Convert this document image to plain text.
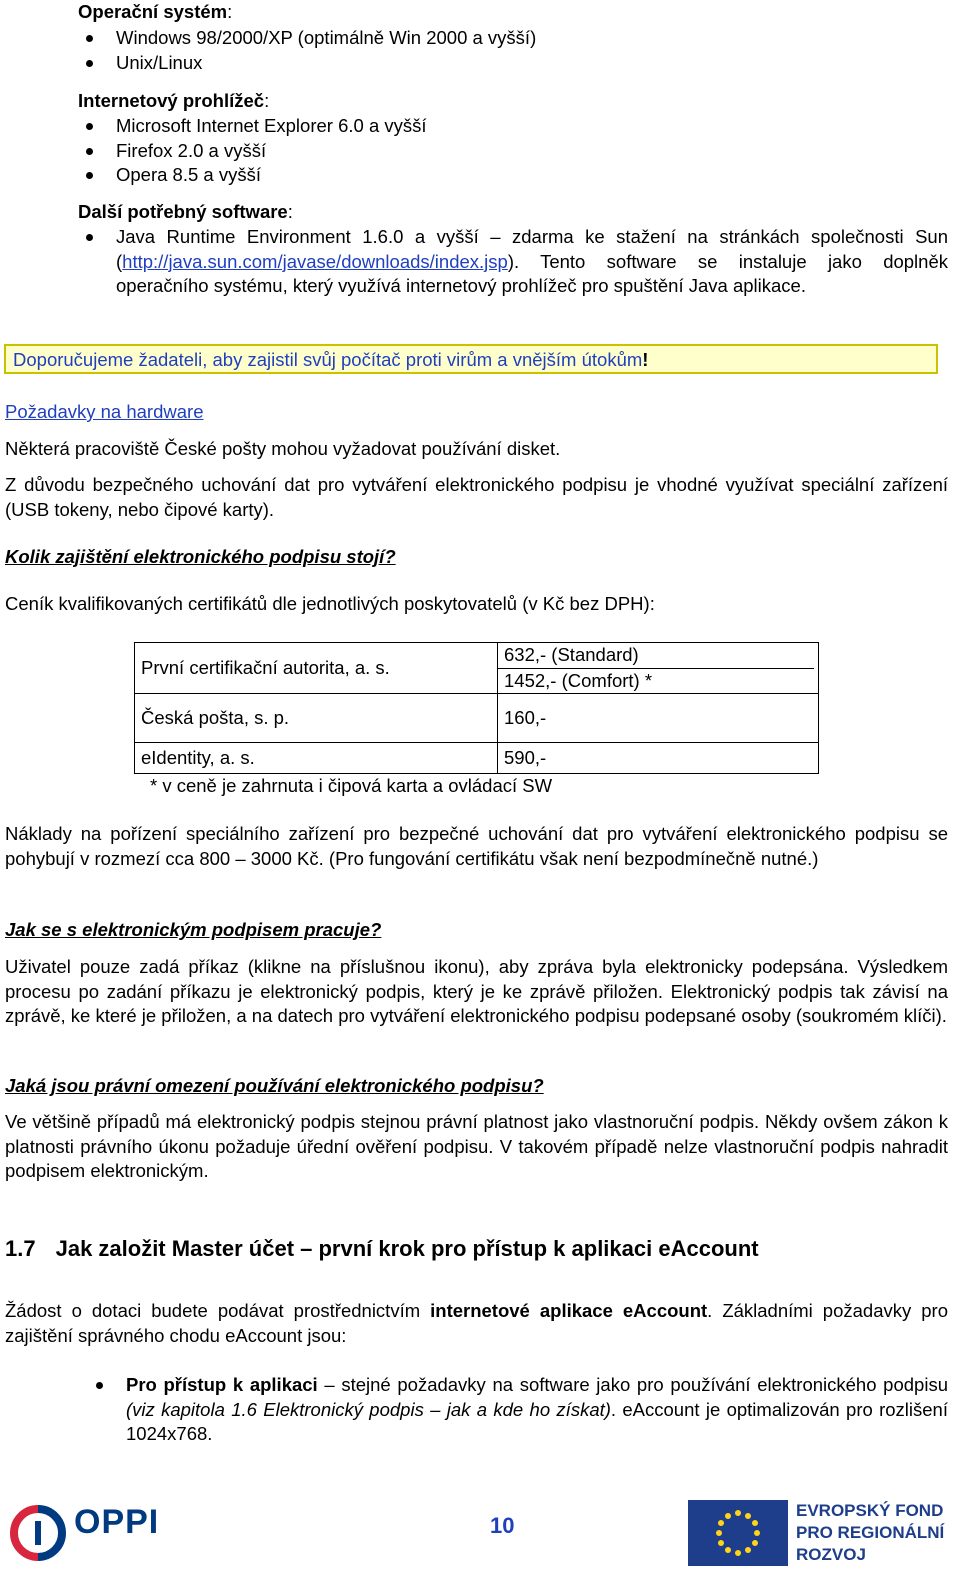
Operační systém:
Windows 98/2000/XP (optimálně Win 2000 a vyšší)
Unix/Linux
Internetový prohlížeč:
Microsoft Internet Explorer 6.0 a vyšší
Firefox 2.0 a vyšší
Opera 8.5 a vyšší
Další potřebný software:
Java Runtime Environment 1.6.0 a vyšší – zdarma ke stažení na stránkách společnosti Sun (http://java.sun.com/javase/downloads/index.jsp). Tento software se instaluje jako doplněk operačního systému, který využívá internetový prohlížeč pro spuštění Java aplikace.
Doporučujeme žadateli, aby zajistil svůj počítač proti virům a vnějším útokům!
Požadavky na hardware
Některá pracoviště České pošty mohou vyžadovat používání disket.
Z důvodu bezpečného uchování dat pro vytváření elektronického podpisu je vhodné využívat speciální zařízení (USB tokeny, nebo čipové karty).
Kolik zajištění elektronického podpisu stojí?
Ceník kvalifikovaných certifikátů dle jednotlivých poskytovatelů (v Kč bez DPH):
První certifikační autorita, a. s.	632,- (Standard)
1452,- (Comfort) *

Česká pošta, s. p.	160,-
eIdentity, a. s.	590,-
* v ceně je zahrnuta i čipová karta a ovládací SW
Náklady na pořízení speciálního zařízení pro bezpečné uchování dat pro vytváření elektronického podpisu se pohybují v rozmezí cca 800 – 3000 Kč. (Pro fungování certifikátu však není bezpodmínečně nutné.)
Jak se s elektronickým podpisem pracuje?
Uživatel pouze zadá příkaz (klikne na příslušnou ikonu), aby zpráva byla elektronicky podepsána. Výsledkem procesu po zadání příkazu je elektronický podpis, který je ke zprávě přiložen. Elektronický podpis tak závisí na zprávě, ke které je přiložen, a na datech pro vytváření elektronického podpisu podepsané osoby (soukromém klíči).
Jaká jsou právní omezení používání elektronického podpisu?
Ve většině případů má elektronický podpis stejnou právní platnost jako vlastnoruční podpis. Někdy ovšem zákon k platnosti právního úkonu požaduje úřední ověření podpisu. V takovém případě nelze vlastnoruční podpis nahradit podpisem elektronickým.
1.7 Jak založit Master účet – první krok pro přístup k aplikaci eAccount
Žádost o dotaci budete podávat prostřednictvím internetové aplikace eAccount. Základními požadavky pro zajištění správného chodu eAccount jsou:
Pro přístup k aplikaci – stejné požadavky na software jako pro používání elektronického podpisu (viz kapitola 1.6 Elektronický podpis – jak a kde ho získat). eAccount je optimalizován pro rozlišení 1024x768.
OPPI	10
EVROPSKÝ FOND
PRO REGIONÁLNÍ
ROZVOJ
